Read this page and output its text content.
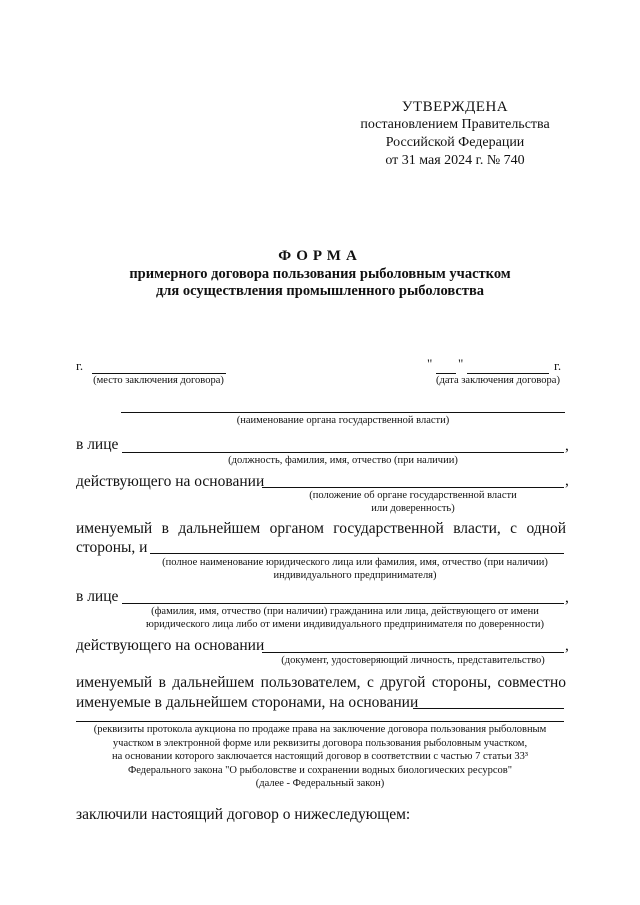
УТВЕРЖДЕНА
постановлением Правительства
Российской Федерации
от 31 мая 2024 г. № 740
ФОРМА
примерного договора пользования рыболовным участком
для осуществления промышленного рыболовства
г.
(место заключения договора)
" "	г.
(дата заключения договора)
(наименование органа государственной власти)
в лице	,
(должность, фамилия, имя, отчество (при наличии)
действующего на основании	,
(положение об органе государственной власти
или доверенность)
именуемый в дальнейшем органом государственной власти, с одной
стороны, и
(полное наименование юридического лица или фамилия, имя, отчество (при наличии)
индивидуального предпринимателя)
в лице	,
(фамилия, имя, отчество (при наличии) гражданина или лица, действующего от имени
юридического лица либо от имени индивидуального предпринимателя по доверенности)
действующего на основании	,
(документ, удостоверяющий личность, представительство)
именуемый в дальнейшем пользователем, с другой стороны, совместно
именуемые в дальнейшем сторонами, на основании
(реквизиты протокола аукциона по продаже права на заключение договора пользования рыболовным
участком в электронной форме или реквизиты договора пользования рыболовным участком,
на основании которого заключается настоящий договор в соответствии с частью 7 статьи 33³
Федерального закона "О рыболовстве и сохранении водных биологических ресурсов"
(далее - Федеральный закон)
заключили настоящий договор о нижеследующем:
